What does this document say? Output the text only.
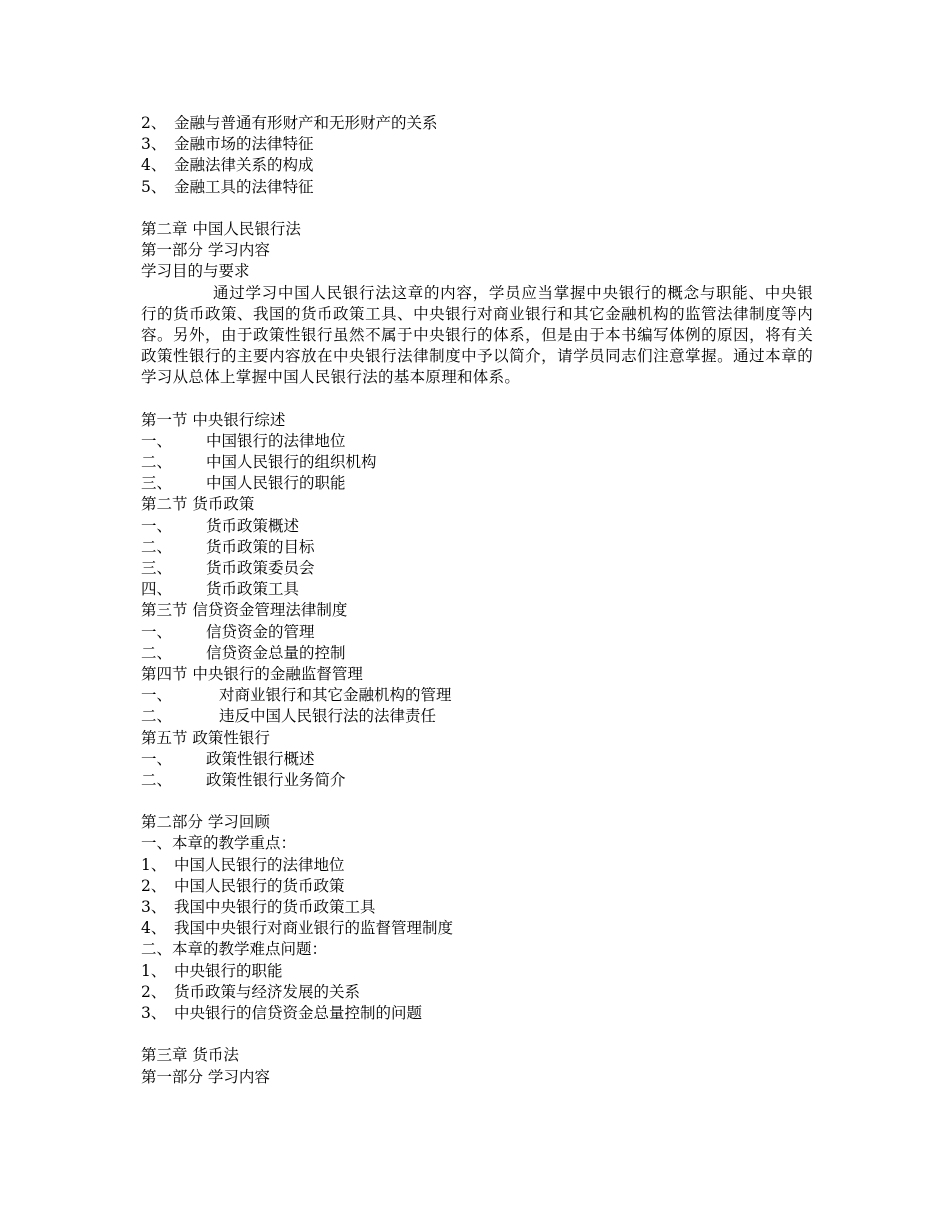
2、 金融与普通有形财产和无形财产的关系
3、 金融市场的法律特征
4、 金融法律关系的构成
5、 金融工具的法律特征
第二章 中国人民银行法
第一部分 学习内容
学习目的与要求
通过学习中国人民银行法这章的内容，学员应当掌握中央银行的概念与职能、中央银行的货币政策、我国的货币政策工具、中央银行对商业银行和其它金融机构的监管法律制度等内容。另外，由于政策性银行虽然不属于中央银行的体系，但是由于本书编写体例的原因，将有关政策性银行的主要内容放在中央银行法律制度中予以简介，请学员同志们注意掌握。通过本章的学习从总体上掌握中国人民银行法的基本原理和体系。
第一节 中央银行综述
一、 中国银行的法律地位
二、 中国人民银行的组织机构
三、 中国人民银行的职能
第二节 货币政策
一、 货币政策概述
二、 货币政策的目标
三、 货币政策委员会
四、 货币政策工具
第三节 信贷资金管理法律制度
一、 信贷资金的管理
二、 信贷资金总量的控制
第四节 中央银行的金融监督管理
一、	对商业银行和其它金融机构的管理
二、	违反中国人民银行法的法律责任
第五节 政策性银行
一、 政策性银行概述
二、 政策性银行业务简介
第二部分 学习回顾
一、本章的教学重点：
1、 中国人民银行的法律地位
2、 中国人民银行的货币政策
3、 我国中央银行的货币政策工具
4、 我国中央银行对商业银行的监督管理制度
二、本章的教学难点问题：
1、 中央银行的职能
2、 货币政策与经济发展的关系
3、 中央银行的信贷资金总量控制的问题
第三章 货币法
第一部分 学习内容
